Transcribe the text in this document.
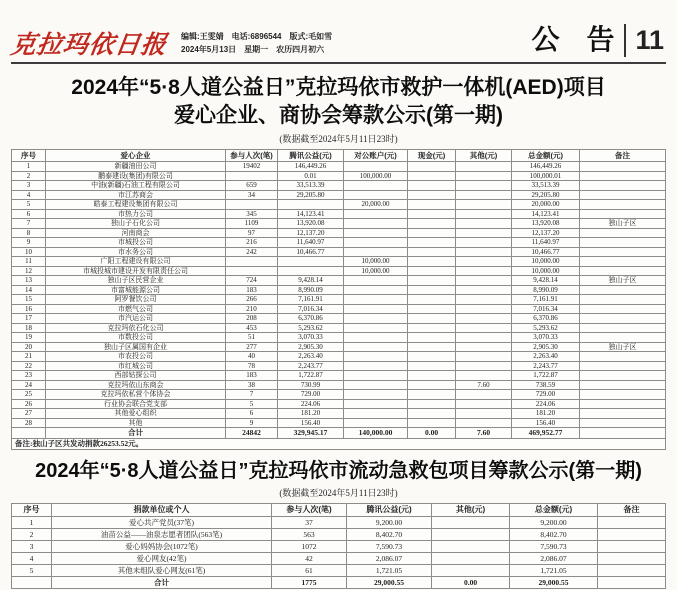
克拉玛依日报 编辑:王雯婧　电话:6896544　版式:毛如雪
2024年5月13日　星期一　农历四月初六	公 告 11
2024年“5·8人道公益日”克拉玛依市救护一体机(AED)项目
爱心企业、商协会筹款公示(第一期)
(数据截至2024年5月11日23时)
序号	爱心企业	参与人次(笔)	腾讯公益(元)	对公账户(元)	现金(元)	其他(元)	总金额(元)	备注
1	新疆油田公司	19402	146,449.26				146,449.26	
2	鹏泰建设(集团)有限公司		0.01	100,000.00			100,000.01	
3	中油(新疆)石油工程有限公司	659	33,513.39				33,513.39	
4	市江苏商会	34	29,205.80				29,205.80	
5	皓泰工程建设集团有限公司			20,000.00			20,000.00	
6	市热力公司	345	14,123.41				14,123.41	
7	独山子石化公司	1109	13,920.08				13,920.08	独山子区
8	河南商会	97	12,137.20				12,137.20	
9	市城投公司	216	11,640.97				11,640.97	
10	市水务公司	242	10,466.77				10,466.77	
11	广阳工程建设有限公司			10,000.00			10,000.00	
12	市城投城市建设开发有限责任公司			10,000.00			10,000.00	
13	独山子区民营企业	724	9,428.14				9,428.14	独山子区
14	市富城能源公司	183	8,990.09				8,990.09	
15	阿罗餐饮公司	266	7,161.91				7,161.91	
16	市燃气公司	210	7,016.34				7,016.34	
17	市汽运公司	208	6,370.86				6,370.86	
18	克拉玛依石化公司	453	5,293.62				5,293.62	
19	市数投公司	51	3,070.33				3,070.33	
20	独山子区属国有企业	277	2,905.30				2,905.30	独山子区
21	市农投公司	40	2,263.40				2,263.40	
22	市红城公司	78	2,243.77				2,243.77	
23	西部钻探公司	183	1,722.87				1,722.87	
24	克拉玛依山东商会	38	730.99			7.60	738.59	
25	克拉玛依私营个体协会	7	729.00				729.00	
26	行业协会联合党支部	5	224.06				224.06	
27	其他爱心组织	6	181.20				181.20	
28	其他	9	156.40				156.40	
	合计	24842	329,945.17	140,000.00	0.00	7.60	469,952.77	
备注:独山子区共发动捐款26253.52元。								
2024年“5·8人道公益日”克拉玛依市流动急救包项目筹款公示(第一期)
(数据截至2024年5月11日23时)
序号	捐款单位或个人	参与人次(笔)	腾讯公益(元)	其他(元)	总金额(元)	备注
1	爱心共产党员(37笔)	37	9,200.00		9,200.00	
2	油苗公益——油泉志愿者团队(563笔)	563	8,402.70		8,402.70	
3	爱心妈妈协会(1072笔)	1072	7,590.73		7,590.73	
4	爱心网友(42笔)	42	2,086.07		2,086.07	
5	其他未组队爱心网友(61笔)	61	1,721.05		1,721.05	
	合计	1775	29,000.55	0.00	29,000.55	
